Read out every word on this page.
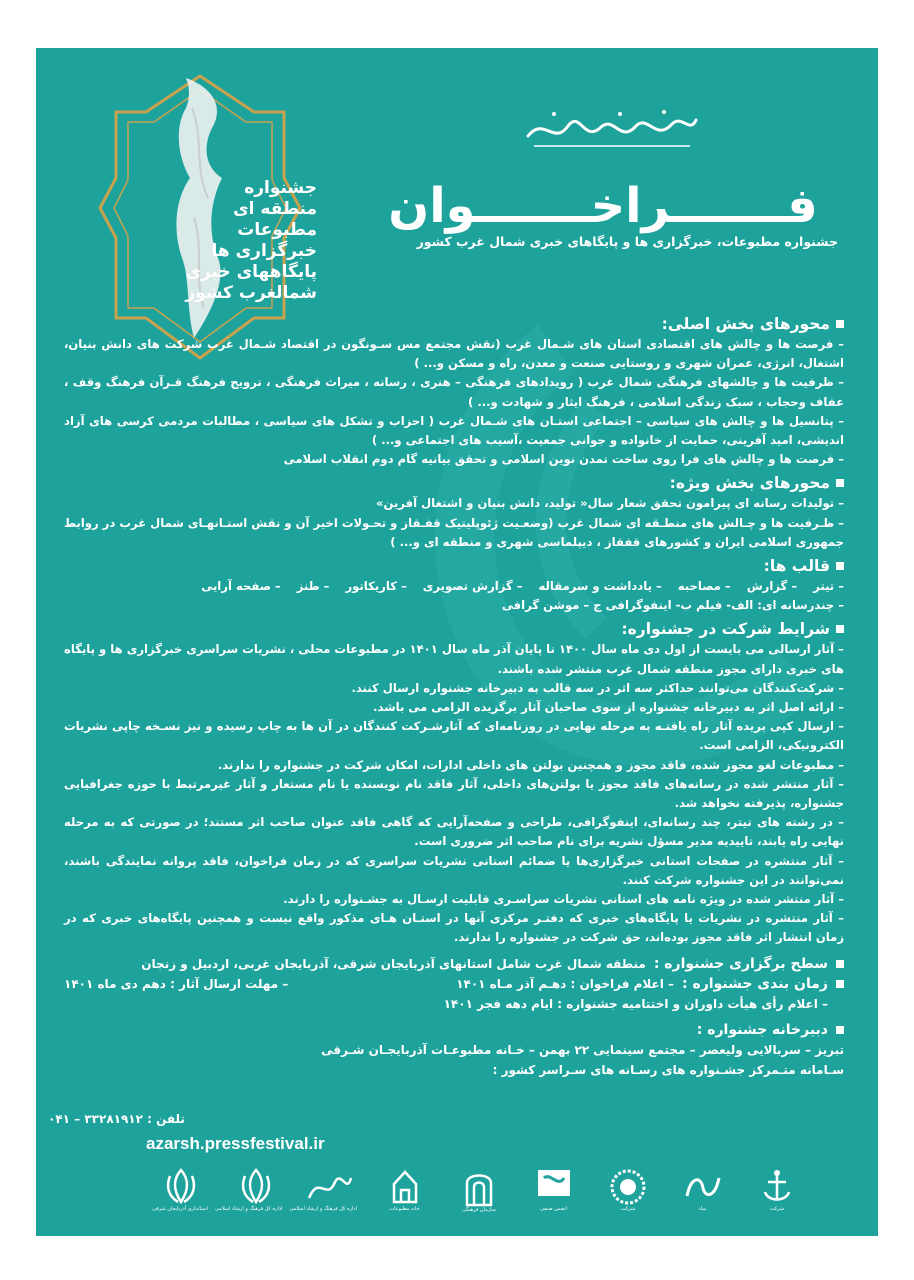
جشنواره
منطقه ای
مطبوعات
خبرگزاری ها
پایگاههای خبری
شمالغرب کشور
فـــــــراخـــــــوان
جشنواره مطبوعات، خبرگزاری ها و پایگاهای خبری شمال غرب کشور
محورهای بخش اصلی:
– فرصت ها و چالش های اقتصادی استان های شـمال غرب (نقش مجتمع مس سـونگون در اقتصاد شـمال غرب شرکت های دانش بنیان، اشتغال، انرژی، عمران شهری و روستایی صنعت و معدن، راه و مسکن و... )
– ظرفیت ها و چالشهای فرهنگی شمال غرب ( رویدادهای فرهنگی – هنری ، رسانه ، میراث فرهنگی ، ترویج فرهنگ قـرآن فرهنگ وقف ، عفاف وحجاب ، سبک زندگی اسلامی ، فرهنگ ایثار و شهادت و... )
– پتانسیل ها و چالش های سیاسی – اجتماعی استـان های شـمال غرب ( احزاب و تشکل های سیاسی ، مطالبات مردمی کرسی های آزاد اندیشی، امید آفرینی، حمایت از خانواده و جوانی جمعیت ،آسیب های اجتماعی و... )
– فرصت ها و چالش های فرا روی ساخت تمدن نوین اسلامی و تحقق بیانیه گام دوم انقلاب اسلامی
محورهای بخش ویژه:
– تولیدات رسانه ای پیرامون تحقق شعار سال« تولید، دانش بنیان و اشتغال آفرین»
– ظـرفیت ها و چـالش های منطـقه ای شمال غرب (وضعـیت ژئوپلیتیک قفـقاز و تحـولات اخیر آن و نقش استـانهـای شمال غرب در روابط جمهوری اسلامی ایران و کشورهای قفقاز ، دیپلماسی شهری و منطقه ای و... )
قالب ها:
– تیتر
– گزارش
– مصاحبه
– یادداشت و سرمقاله
– گزارش تصویری
– کاریکاتور
– طنز
– صفحه آرایی
– چندرسانه ای: الف- فیلم ب- اینفوگرافی ج – موشن گرافی
شرایط شرکت در جشنواره:
– آثار ارسالی می بایست از اول دی ماه سال ۱۴۰۰ تا پایان آذر ماه سال ۱۴۰۱ در مطبوعات محلی ، نشریات سراسری خبرگزاری ها و پایگاه های خبری دارای مجوز منطقه شمال غرب منتشر شده باشند.
– شرکت‌کنندگان می‌توانند حداکثر سه اثر در سه قالب به دبیرخانه جشنواره ارسال کنند.
– ارائه اصل اثر به دبیرخانه جشنواره از سوی صاحبان آثار برگزیده الزامی می باشد.
– ارسال کپی بریده آثار راه یافتـه به مرحله نهایی در روزنامه‌ای که آثارشـرکت کنندگان در آن ها به چاپ رسیده و نیز نسـخه چاپی نشریات الکترونیکی، الزامی است.
– مطبوعات لغو مجوز شده، فاقد مجوز و همچنین بولتن های داخلی ادارات، امکان شرکت در جشنواره را ندارند.
– آثار منتشر شده در رسانه‌های فاقد مجوز یا بولتن‌های داخلی، آثار فاقد نام نویسنده یا نام مستعار و آثار غیرمرتبط با حوزه جغرافیایی جشنواره، پذیرفته نخواهد شد.
– در رشته های تیتر، چند رسانه‌ای، اینفوگرافی، طراحی و صفحه‌آرایی که گاهی فاقد عنوان صاحب اثر مستند؛ در صورتی که به مرحله نهایی راه یابند، تاییدیه مدیر مسؤل نشریه برای نام صاحب اثر ضروری است.
– آثار منتشره در صفحات استانی خبرگزاری‌ها یا ضمائم استانی نشریات سراسری که در زمان فراخوان، فاقد پروانه نمایندگی باشند، نمی‌توانند در این جشنواره شرکت کنند.
– آثار منتشر شده در ویژه نامه های استانی نشریات سراسـری قابلیت ارسـال به جشـنواره را دارند.
– آثار منتشره در نشریات یا پایگاه‌های خبری که دفتـر مرکزی آنها در استـان هـای مذکور واقع نیست و همچنین پایگاه‌های خبری که در زمان انتشار اثر فاقد مجوز بوده‌اند، حق شرکت در جشنواره را ندارند.
سطح برگزاری جشنواره :
منطقه شمال غرب شامل استانهای آذربایجان شرقی، آذربایجان غربی، اردبیل و زنجان
زمان بندی جشنواره :
– اعلام فراخوان : دهـم آذر مـاه ۱۴۰۱
– مهلت ارسال آثار : دهم دی ماه ۱۴۰۱
– اعلام رأی هیأت داوران و اختتامیه جشنواره : ایام دهه فجر ۱۴۰۱
دبیرخانه جشنواره :
تبریز – سربالایی ولیعصر – مجتمع سینمایی ۲۲ بهمن – خـانه مطبوعـات آذربایجـان شـرقی
سـامانه متـمرکز جشـنواره های رسـانه های سـراسر کشور :
تلفن : ۳۳۲۸۱۹۱۲ – ۰۴۱
azarsh.pressfestival.ir
استانداری آذربایجان شرقی اداره کل فرهنگ و ارشاد اسلامی اداره کل فرهنگ و ارشاد اسلامی	خانه مطبوعات	سازمان فرهنگی	انجمن صنفی	شرکت	بنیاد	شرکت
